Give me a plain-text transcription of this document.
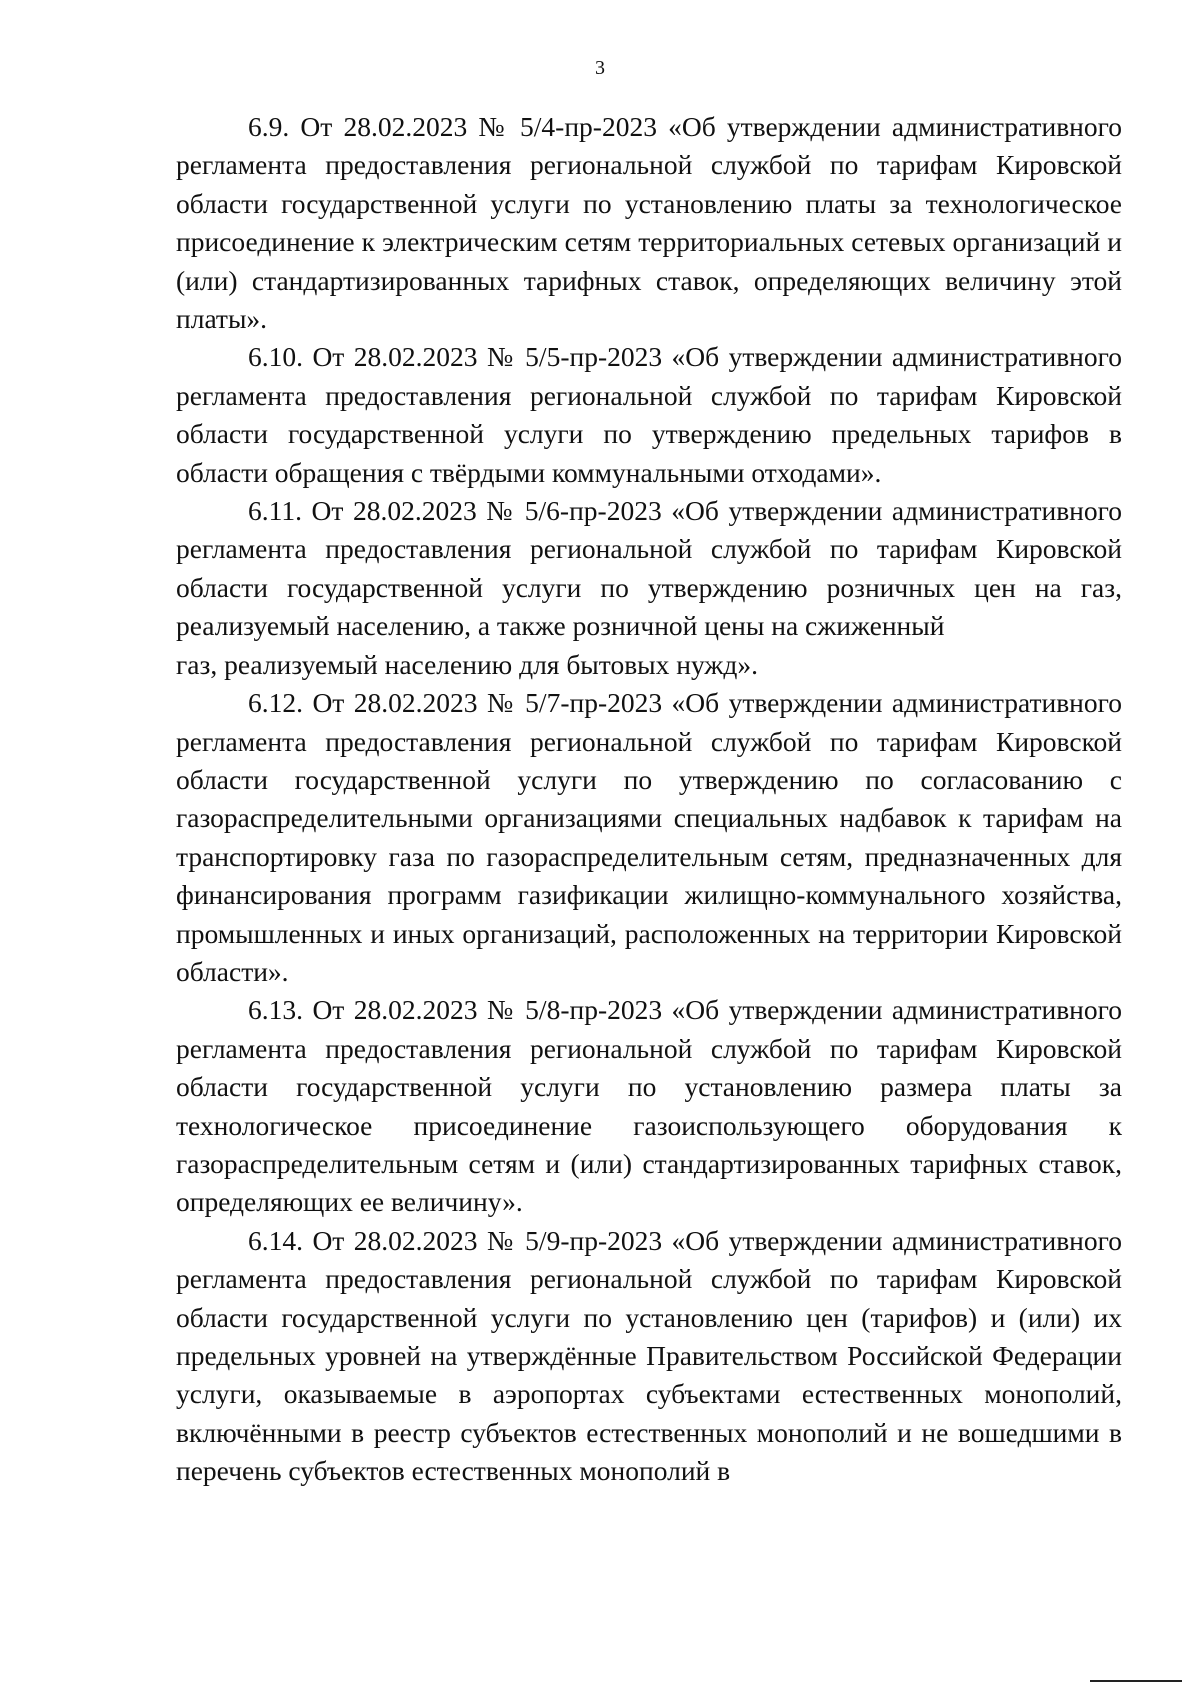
3

6.9. От 28.02.2023 № 5/4-пр-2023 «Об утверждении административного регламента предоставления региональной службой по тарифам Кировской области государственной услуги по установлению платы за технологическое присоединение к электрическим сетям территориальных сетевых организаций и (или) стандартизированных тарифных ставок, определяющих величину этой платы».

6.10. От 28.02.2023 № 5/5-пр-2023 «Об утверждении административного регламента предоставления региональной службой по тарифам Кировской области государственной услуги по утверждению предельных тарифов в области обращения с твёрдыми коммунальными отходами».

6.11. От 28.02.2023 № 5/6-пр-2023 «Об утверждении административного регламента предоставления региональной службой по тарифам Кировской области государственной услуги по утверждению розничных цен на газ, реализуемый населению, а также розничной цены на сжиженный

газ, реализуемый населению для бытовых нужд».

6.12. От 28.02.2023 № 5/7-пр-2023 «Об утверждении административного регламента предоставления региональной службой по тарифам Кировской области государственной услуги по утверждению по согласованию с газораспределительными организациями специальных надбавок к тарифам на транспортировку газа по газораспределительным сетям, предназначенных для финансирования программ газификации жилищно-коммунального хозяйства, промышленных и иных организаций, расположенных на территории Кировской области».

6.13. От 28.02.2023 № 5/8-пр-2023 «Об утверждении административного регламента предоставления региональной службой по тарифам Кировской области государственной услуги по установлению размера платы за технологическое присоединение газоиспользующего оборудования к газораспределительным сетям и (или) стандартизированных тарифных ставок, определяющих ее величину».

6.14. От 28.02.2023 № 5/9-пр-2023 «Об утверждении административного регламента предоставления региональной службой по тарифам Кировской области государственной услуги по установлению цен (тарифов) и (или) их предельных уровней на утверждённые Правительством Российской Федерации услуги, оказываемые в аэропортах субъектами естественных монополий, включёнными в реестр субъектов естественных монополий и не вошедшими в перечень субъектов естественных монополий в
